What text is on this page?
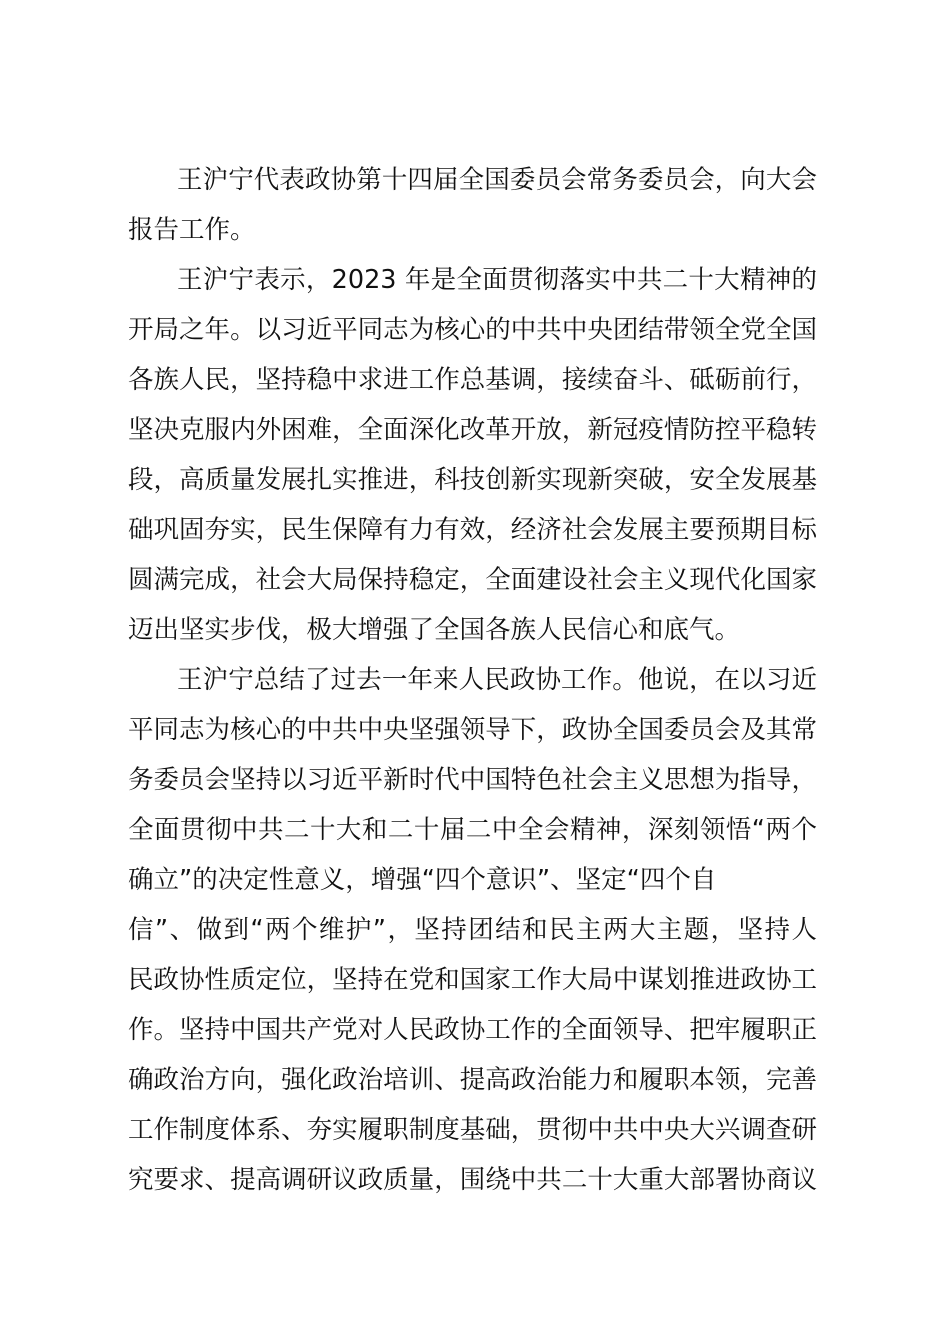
王沪宁代表政协第十四届全国委员会常务委员会，向大会
报告工作。
王沪宁表示，2023 年是全面贯彻落实中共二十大精神的
开局之年。以习近平同志为核心的中共中央团结带领全党全国
各族人民，坚持稳中求进工作总基调，接续奋斗、砥砺前行，
坚决克服内外困难，全面深化改革开放，新冠疫情防控平稳转
段，高质量发展扎实推进，科技创新实现新突破，安全发展基
础巩固夯实，民生保障有力有效，经济社会发展主要预期目标
圆满完成，社会大局保持稳定，全面建设社会主义现代化国家
迈出坚实步伐，极大增强了全国各族人民信心和底气。
王沪宁总结了过去一年来人民政协工作。他说，在以习近
平同志为核心的中共中央坚强领导下，政协全国委员会及其常
务委员会坚持以习近平新时代中国特色社会主义思想为指导，
全面贯彻中共二十大和二十届二中全会精神，深刻领悟“两个
确立”的决定性意义，增强“四个意识”、坚定“四个自
信”、做到“两个维护”，坚持团结和民主两大主题，坚持人
民政协性质定位，坚持在党和国家工作大局中谋划推进政协工
作。坚持中国共产党对人民政协工作的全面领导、把牢履职正
确政治方向，强化政治培训、提高政治能力和履职本领，完善
工作制度体系、夯实履职制度基础，贯彻中共中央大兴调查研
究要求、提高调研议政质量，围绕中共二十大重大部署协商议
